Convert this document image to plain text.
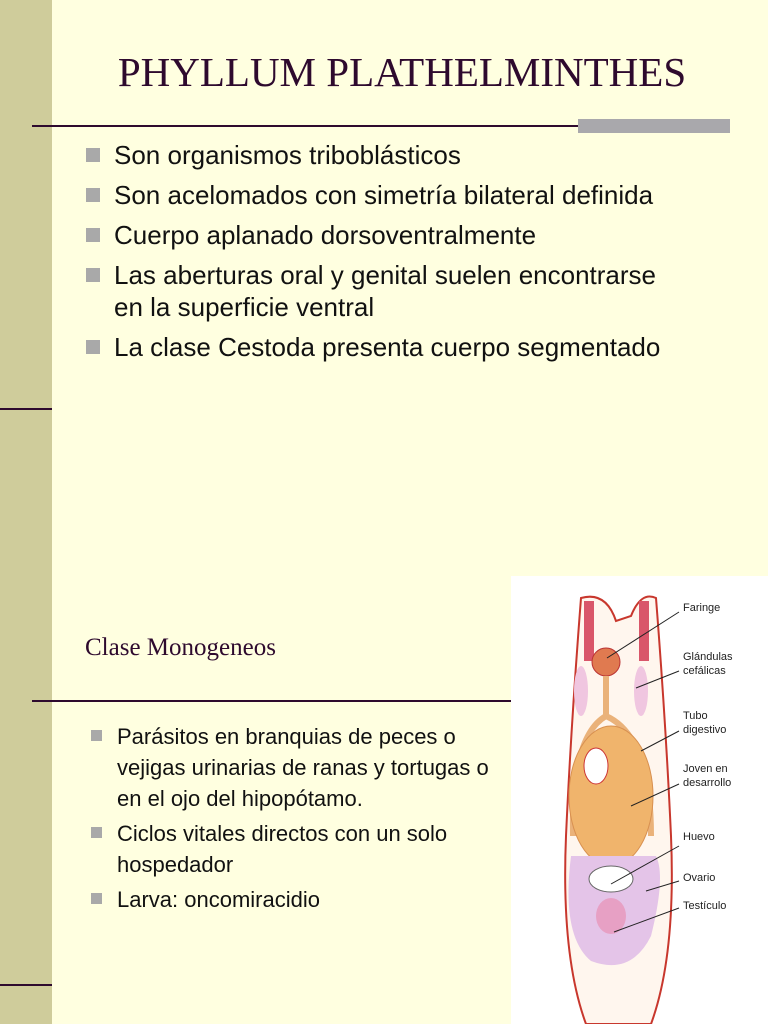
PHYLLUM PLATHELMINTHES
Son organismos triboblásticos
Son acelomados con simetría bilateral definida
Cuerpo aplanado dorsoventralmente
Las aberturas oral y genital suelen encontrarse en la superficie ventral
La clase Cestoda presenta cuerpo segmentado
Clase Monogeneos
Parásitos en branquias de peces o vejigas urinarias de ranas y tortugas o en el ojo del hipopótamo.
Ciclos vitales directos con un solo hospedador
Larva: oncomiracidio
Faringe
Glándulas
cefálicas
Tubo
digestivo
Joven en
desarrollo
Huevo
Ovario
Testículo
